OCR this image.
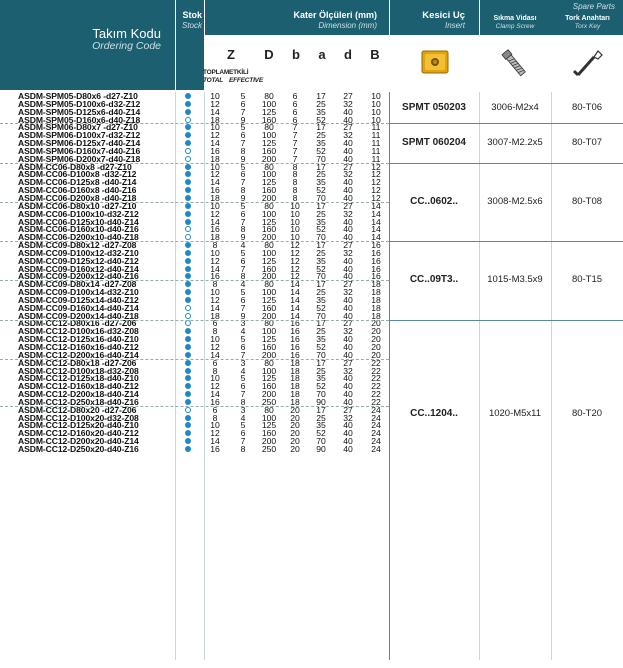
Takım Kodu
Ordering Code
Stok
Stock
Kater Ölçüleri (mm)
Dimension (mm)
Kesici Uç
Insert
Spare Parts
Z	D	b	a	d	B
TOPLAM
TOTAL
ETKİLİ
EFFECTIVE
Sıkma Vidası
Clamp Screw
Tork Anahtarı
Torx Key
ASDM-SPM05-D80x6 -d27-Z10	10	5	80	6	17	27	10
ASDM-SPM05-D100x6-d32-Z12	12	6	100	6	25	32	10
ASDM-SPM05-D125x6-d40-Z14	14	7	125	6	35	40	10
ASDM-SPM05-D160x6-d40-Z18	18	9	160	6	52	40	10
ASDM-SPM06-D80x7 -d27-Z10	10	5	80	7	17	27	11
ASDM-SPM06-D100x7-d32-Z12	12	6	100	7	25	32	11
ASDM-SPM06-D125x7-d40-Z14	14	7	125	7	35	40	11
ASDM-SPM06-D160x7-d40-Z16	16	8	160	7	52	40	11
ASDM-SPM06-D200x7-d40-Z18	18	9	200	7	70	40	11
ASDM-CC06-D80x8 -d27-Z10	10	5	80	8	17	27	12
ASDM-CC06-D100x8 -d32-Z12	12	6	100	8	25	32	12
ASDM-CC06-D125x8 -d40-Z14	14	7	125	8	35	40	12
ASDM-CC06-D160x8 -d40-Z16	16	8	160	8	52	40	12
ASDM-CC06-D200x8 -d40-Z18	18	9	200	8	70	40	12
ASDM-CC06-D80x10 -d27-Z10	10	5	80	10	17	27	14
ASDM-CC06-D100x10-d32-Z12	12	6	100	10	25	32	14
ASDM-CC06-D125x10-d40-Z14	14	7	125	10	35	40	14
ASDM-CC06-D160x10-d40-Z16	16	8	160	10	52	40	14
ASDM-CC06-D200x10-d40-Z18	18	9	200	10	70	40	14
ASDM-CC09-D80x12 -d27-Z08	8	4	80	12	17	27	16
ASDM-CC09-D100x12-d32-Z10	10	5	100	12	25	32	16
ASDM-CC09-D125x12-d40-Z12	12	6	125	12	35	40	16
ASDM-CC09-D160x12-d40-Z14	14	7	160	12	52	40	16
ASDM-CC09-D200x12-d40-Z16	16	8	200	12	70	40	16
ASDM-CC09-D80x14 -d27-Z08	8	4	80	14	17	27	18
ASDM-CC09-D100x14-d32-Z10	10	5	100	14	25	32	18
ASDM-CC09-D125x14-d40-Z12	12	6	125	14	35	40	18
ASDM-CC09-D160x14-d40-Z14	14	7	160	14	52	40	18
ASDM-CC09-D200x14-d40-Z18	18	9	200	14	70	40	18
ASDM-CC12-D80x16 -d27-Z06	6	3	80	16	17	27	20
ASDM-CC12-D100x16-d32-Z08	8	4	100	16	25	32	20
ASDM-CC12-D125x16-d40-Z10	10	5	125	16	35	40	20
ASDM-CC12-D160x16-d40-Z12	12	6	160	16	52	40	20
ASDM-CC12-D200x16-d40-Z14	14	7	200	16	70	40	20
ASDM-CC12-D80x18 -d27-Z06	6	3	80	18	17	27	22
ASDM-CC12-D100x18-d32-Z08	8	4	100	18	25	32	22
ASDM-CC12-D125x18-d40-Z10	10	5	125	18	35	40	22
ASDM-CC12-D160x18-d40-Z12	12	6	160	18	52	40	22
ASDM-CC12-D200x18-d40-Z14	14	7	200	18	70	40	22
ASDM-CC12-D250x18-d40-Z16	16	8	250	18	90	40	22
ASDM-CC12-D80x20 -d27-Z06	6	3	80	20	17	27	24
ASDM-CC12-D100x20-d32-Z08	8	4	100	20	25	32	24
ASDM-CC12-D125x20-d40-Z10	10	5	125	20	35	40	24
ASDM-CC12-D160x20-d40-Z12	12	6	160	20	52	40	24
ASDM-CC12-D200x20-d40-Z14	14	7	200	20	70	40	24
ASDM-CC12-D250x20-d40-Z16	16	8	250	20	90	40	24
SPMT 050203	3006-M2x4	80-T06
SPMT 060204	3007-M2.2x5	80-T07
CC..0602..	3008-M2.5x6	80-T08
CC..09T3..	1015-M3.5x9	80-T15
CC..1204..	1020-M5x11	80-T20
